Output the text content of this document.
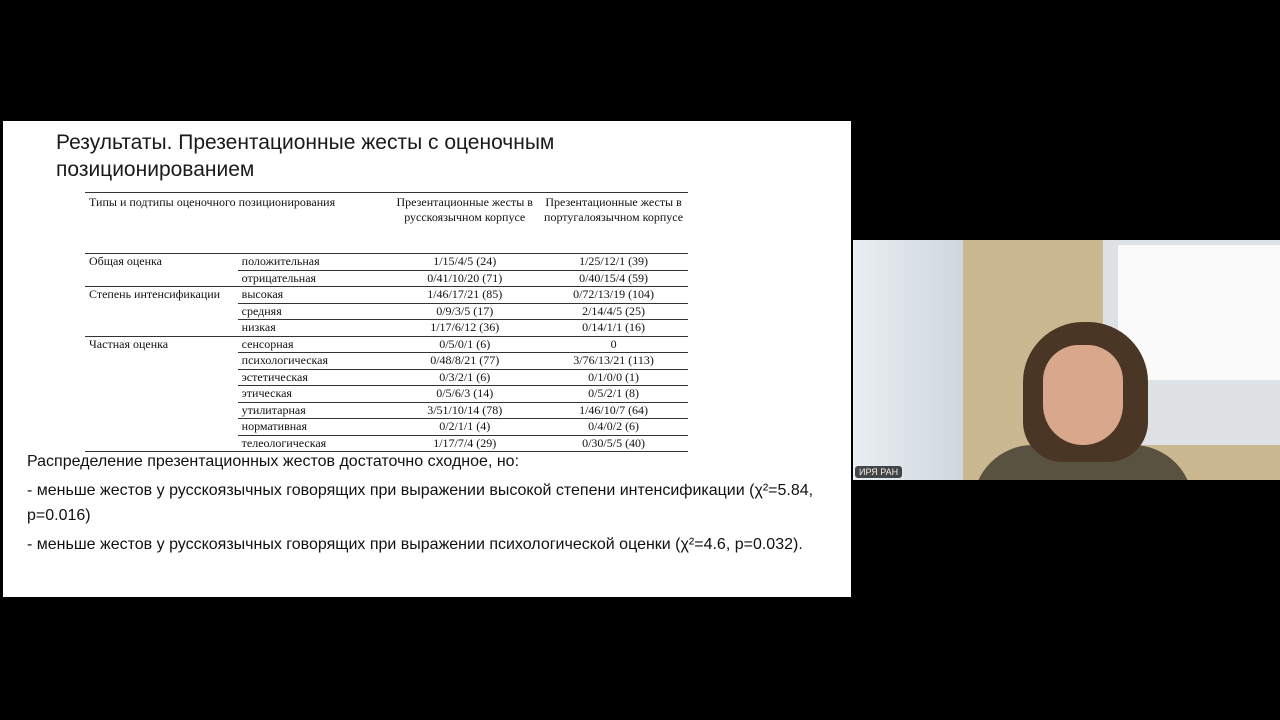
Результаты. Презентационные жесты с оценочным позиционированием
Типы и подтипы оценочного позиционирования		Презентационные жесты в русскоязычном корпусе	Презентационные жесты в португалоязычном корпусе
Общая оценка	положительная	1/15/4/5 (24)	1/25/12/1 (39)
	отрицательная	0/41/10/20 (71)	0/40/15/4 (59)
Степень интенсификации	высокая	1/46/17/21 (85)	0/72/13/19 (104)
	средняя	0/9/3/5 (17)	2/14/4/5 (25)
	низкая	1/17/6/12 (36)	0/14/1/1 (16)
Частная оценка	сенсорная	0/5/0/1 (6)	0
	психологическая	0/48/8/21 (77)	3/76/13/21 (113)
	эстетическая	0/3/2/1 (6)	0/1/0/0 (1)
	этическая	0/5/6/3 (14)	0/5/2/1 (8)
	утилитарная	3/51/10/14 (78)	1/46/10/7 (64)
	нормативная	0/2/1/1 (4)	0/4/0/2 (6)
	телеологическая	1/17/7/4 (29)	0/30/5/5 (40)

Распределение презентационных жестов достаточно сходное, но:

- меньше жестов у русскоязычных говорящих при выражении высокой степени интенсификации (χ²=5.84, p=0.016)

- меньше жестов у русскоязычных говорящих при выражении психологической оценки (χ²=4.6, p=0.032).

ИРЯ РАН
